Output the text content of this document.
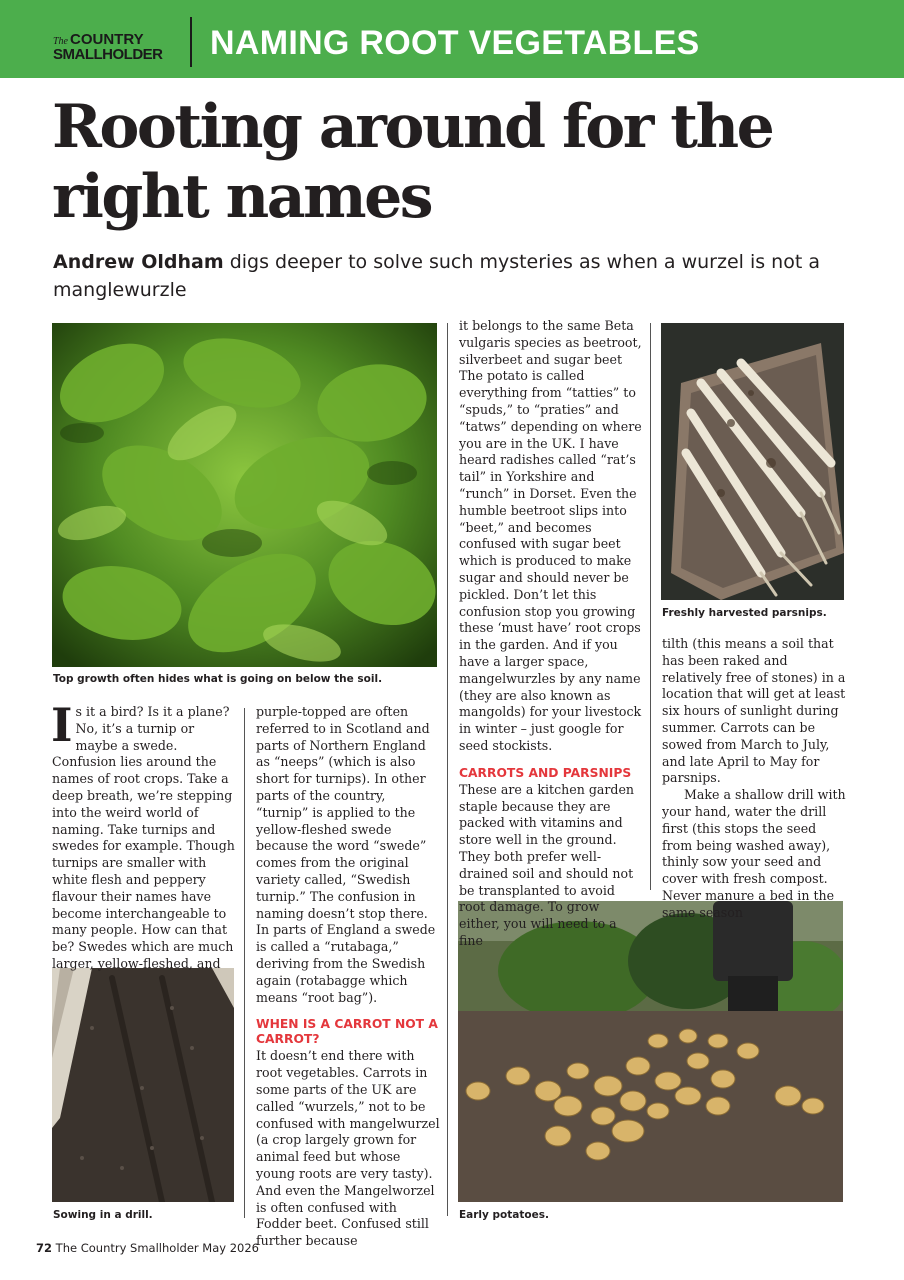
The COUNTRY
SMALLHOLDER	NAMING ROOT VEGETABLES
Rooting around for the right names
Andrew Oldham digs deeper to solve such mysteries as when a wurzel is not a manglewurzle
Top growth often hides what is going on below the soil.
Freshly harvested parsnips.
Sowing in a drill.	Early potatoes.

Is it a bird? Is it a plane? No, it’s a turnip or maybe a swede. Confusion lies around the names of root crops. Take a deep breath, we’re stepping into the weird world of naming. Take turnips and swedes for example. Though turnips are smaller with white flesh and peppery flavour their names have become interchangeable to many people. How can that be? Swedes which are much larger, yellow-fleshed, and

purple-topped are often referred to in Scotland and parts of Northern England as “neeps” (which is also short for turnips). In other parts of the country, “turnip” is applied to the yellow-fleshed swede because the word “swede” comes from the original variety called, “Swedish turnip.” The confusion in naming doesn’t stop there. In parts of England a swede is called a “rutabaga,” deriving from the Swedish again (rotabagge which means “root bag”).

WHEN IS A CARROT NOT A CARROT?

It doesn’t end there with root vegetables. Carrots in some parts of the UK are called “wurzels,” not to be confused with mangelwurzel (a crop largely grown for animal feed but whose young roots are very tasty). And even the Mangelworzel is often confused with Fodder beet. Confused still further because

it belongs to the same Beta vulgaris species as beetroot, silverbeet and sugar beet The potato is called everything from “tatties” to “spuds,” to “praties” and “tatws” depending on where you are in the UK. I have heard radishes called “rat’s tail” in Yorkshire and “runch” in Dorset. Even the humble beetroot slips into “beet,” and becomes confused with sugar beet which is produced to make sugar and should never be pickled. Don’t let this confusion stop you growing these ‘must have’ root crops in the garden. And if you have a larger space, mangelwurzles by any name (they are also known as mangolds) for your livestock in winter – just google for seed stockists.

CARROTS AND PARSNIPS

These are a kitchen garden staple because they are packed with vitamins and store well in the ground. They both prefer well-drained soil and should not be transplanted to avoid root damage. To grow either, you will need to a fine

tilth (this means a soil that has been raked and relatively free of stones) in a location that will get at least six hours of sunlight during summer. Carrots can be sowed from March to July, and late April to May for parsnips.

Make a shallow drill with your hand, water the drill first (this stops the seed from being washed away), thinly sow your seed and cover with fresh compost. Never manure a bed in the same season

72 The Country Smallholder May 2026
